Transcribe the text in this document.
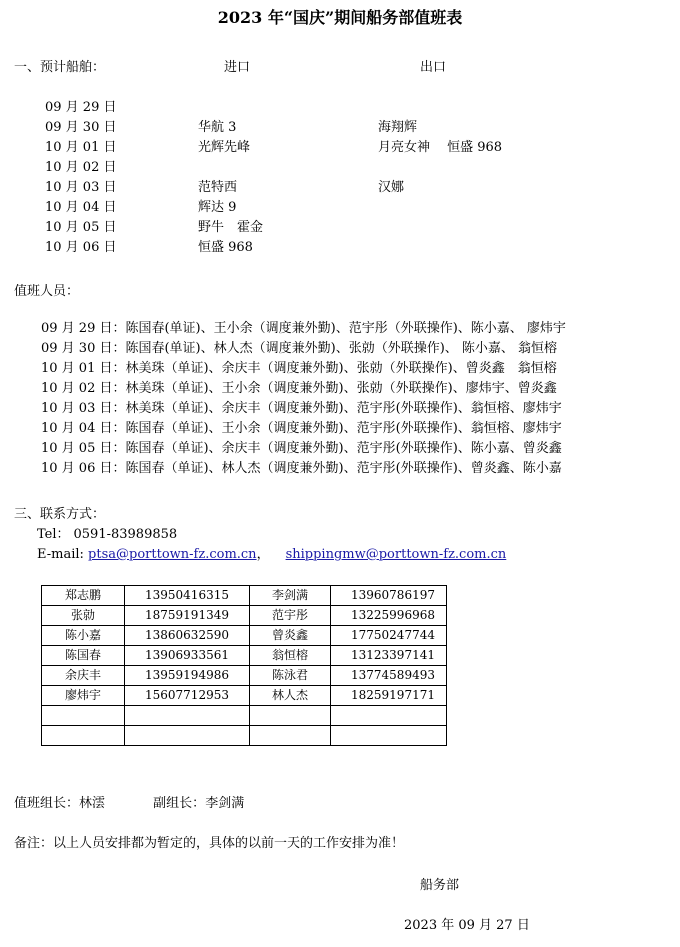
2023 年“国庆”期间船务部值班表
一、预计船舶：	进口	出口
09 月 29 日
09 月 30 日	华航 3	海翔辉
10 月 01 日	光辉先峰	月亮女神　 恒盛 968
10 月 02 日
10 月 03 日	范特西	汉娜
10 月 04 日	辉达 9
10 月 05 日	野牛　霍金
10 月 06 日	恒盛 968
值班人员：
09 月 29 日：陈国春(单证)、王小余（调度兼外勤)、范宇彤（外联操作)、陈小嘉、 廖炜宇
09 月 30 日：陈国春(单证)、林人杰（调度兼外勤)、张勍（外联操作)、 陈小嘉、 翁恒榕
10 月 01 日：林美珠（单证)、余庆丰（调度兼外勤)、张勍（外联操作)、曾炎鑫　翁恒榕
10 月 02 日：林美珠（单证)、王小余（调度兼外勤)、张勍（外联操作)、廖炜宇、曾炎鑫
10 月 03 日：林美珠（单证)、余庆丰（调度兼外勤)、范宇彤(外联操作)、翁恒榕、廖炜宇
10 月 04 日：陈国春（单证)、王小余（调度兼外勤)、范宇彤(外联操作)、翁恒榕、廖炜宇
10 月 05 日：陈国春（单证)、余庆丰（调度兼外勤)、范宇彤(外联操作)、陈小嘉、曾炎鑫
10 月 06 日：陈国春（单证)、林人杰（调度兼外勤)、范宇彤(外联操作)、曾炎鑫、陈小嘉
三、联系方式：
Tel： 0591-83989858
E-mail: ptsa@porttown-fz.com.cn， shippingmw@porttown-fz.com.cn
郑志鹏	13950416315	李剑满	13960786197
张勍	18759191349	范宇彤	13225996968
陈小嘉	13860632590	曾炎鑫	17750247744
陈国春	13906933561	翁恒榕	13123397141
余庆丰	13959194986	陈泳君	13774589493
廖炜宇	15607712953	林人杰	18259197171

值班组长：林澐	副组长：李剑满
备注：以上人员安排都为暂定的，具体的以前一天的工作安排为准！
船务部
2023 年 09 月 27 日
